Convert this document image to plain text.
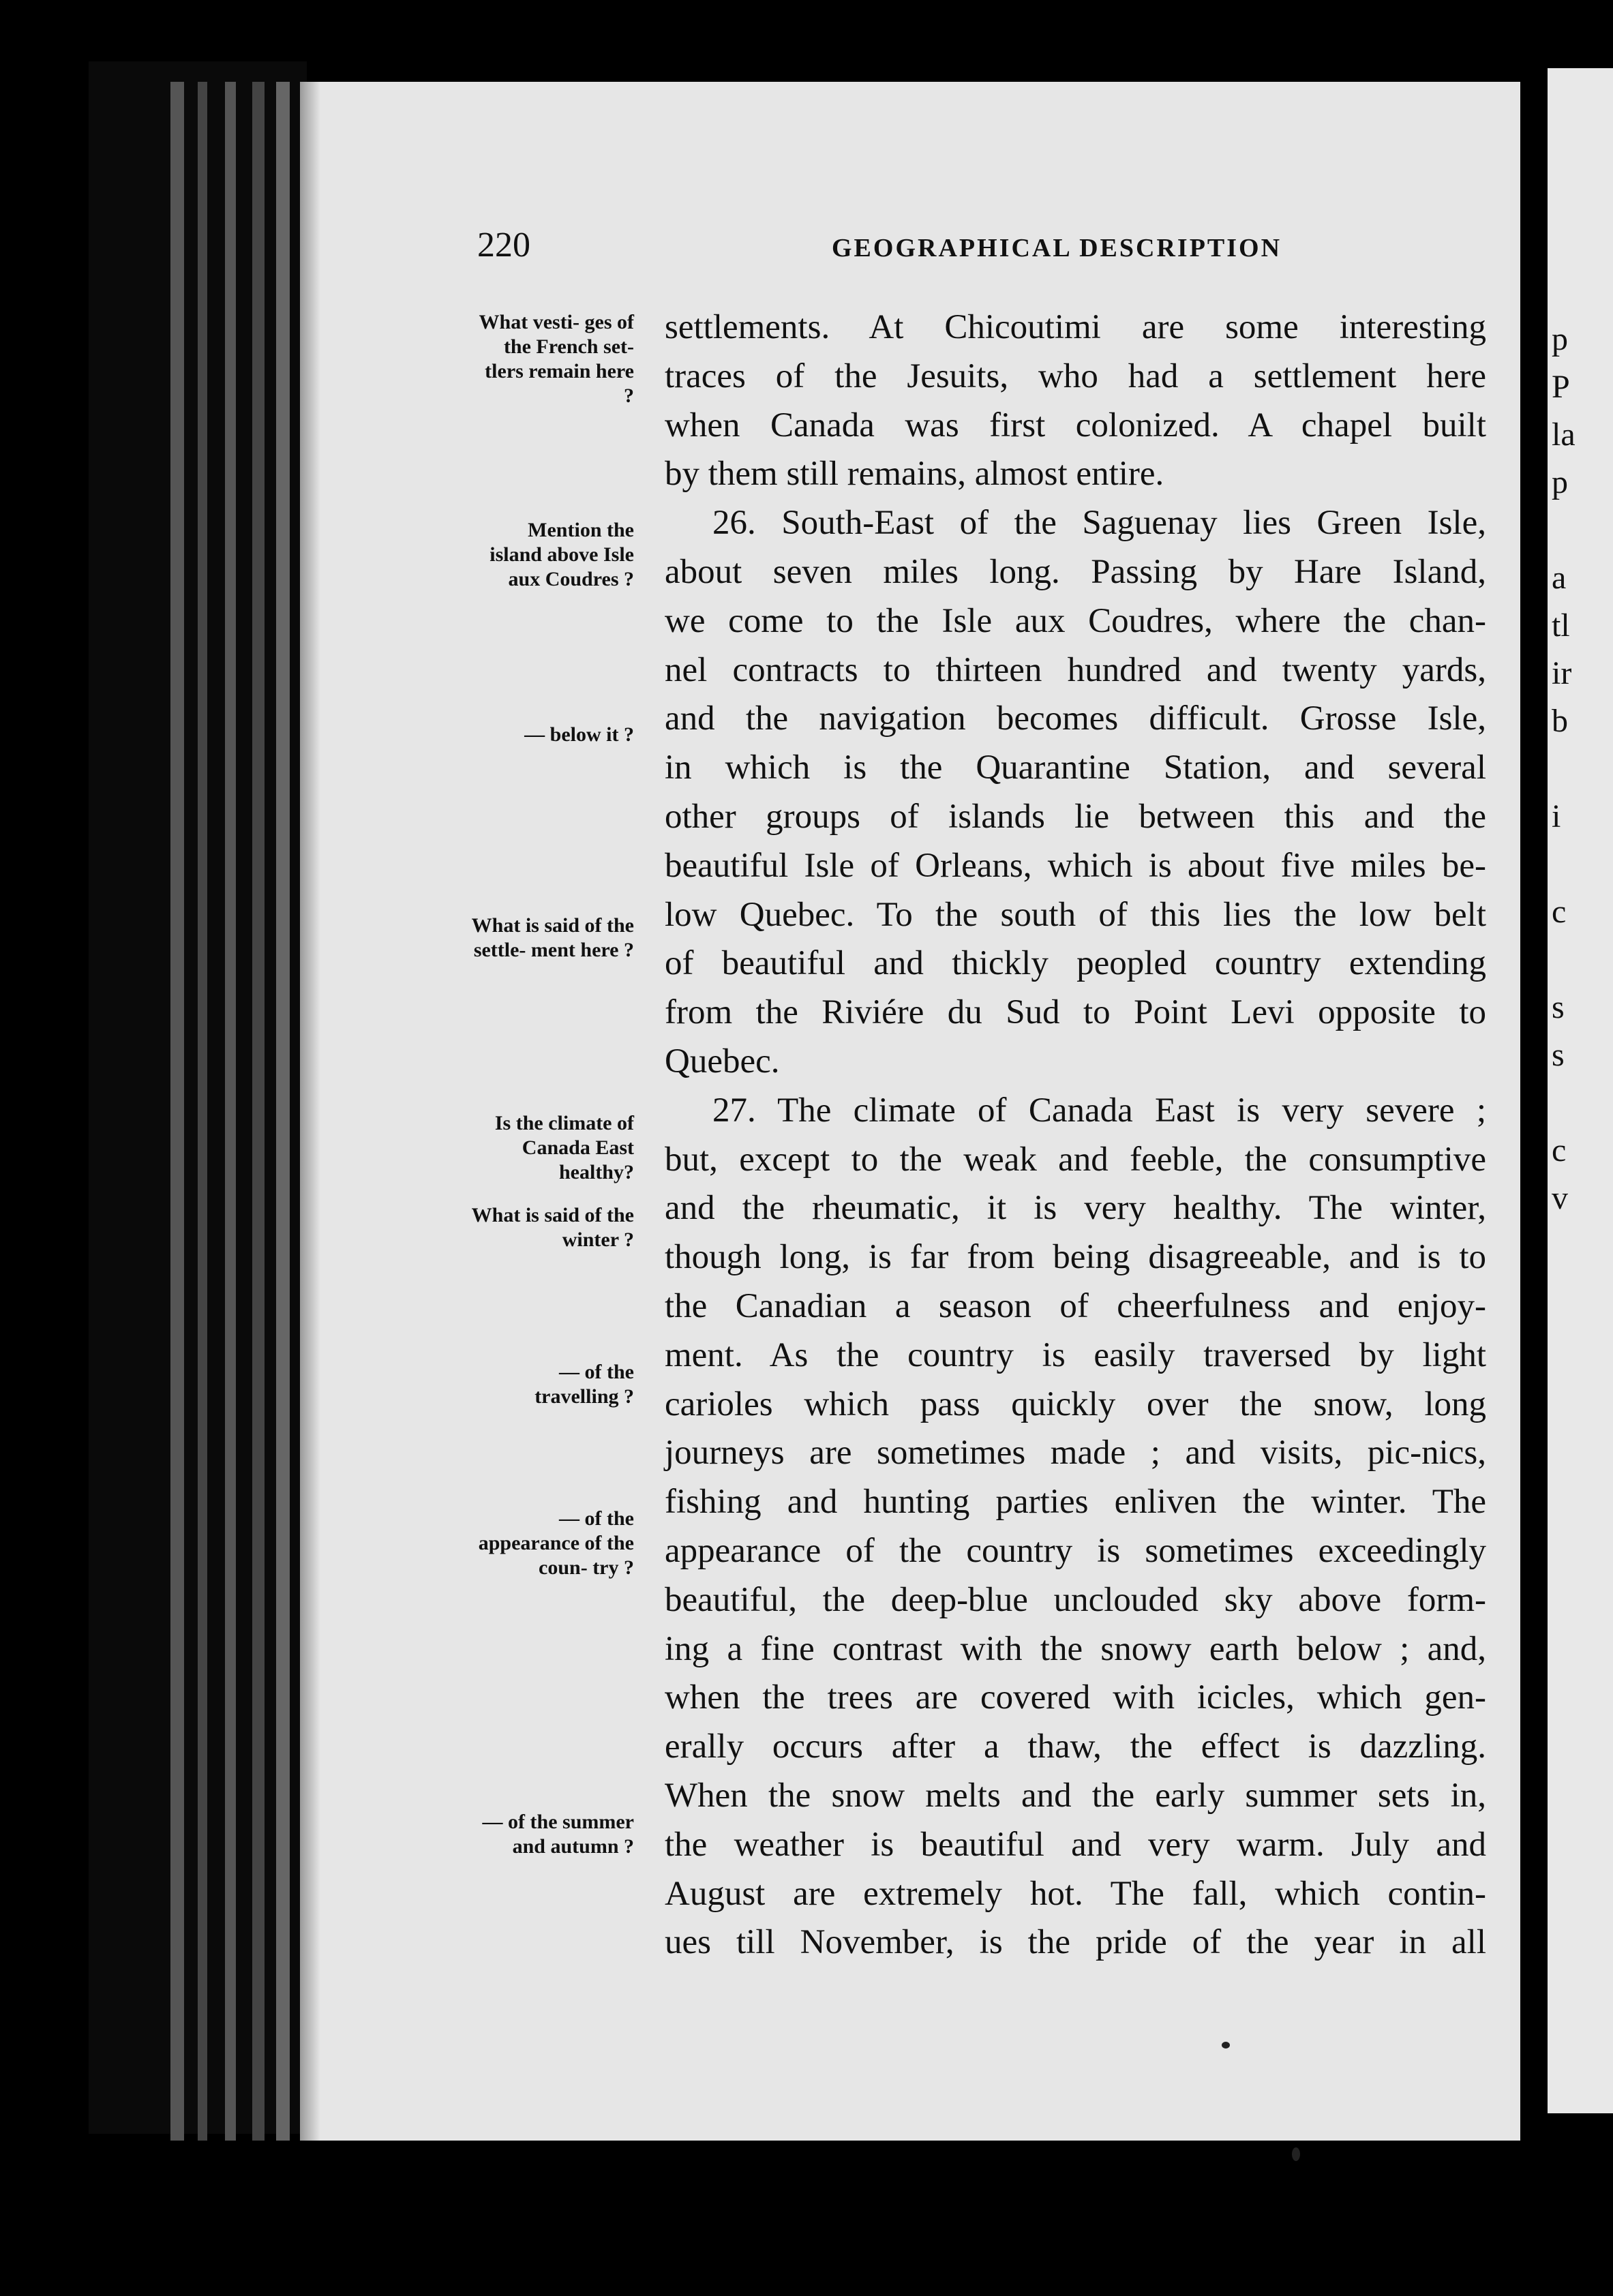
p
P
la
p
a
tl
ir
b
i
c
s
s
c
v
220	GEOGRAPHICAL DESCRIPTION
What vesti- ges of the French set- tlers remain here ?
Mention the island above Isle aux Coudres ?
— below it ?
What is said of the settle- ment here ?
Is the climate of Canada East healthy?
What is said of the winter ?
— of the travelling ?
— of the appearance of the coun- try ?
— of the summer and autumn ?
settlements. At Chicoutimi are some interesting
traces of the Jesuits, who had a settlement here
when Canada was first colonized. A chapel built
by them still remains, almost entire.
26. South-East of the Saguenay lies Green Isle,
about seven miles long. Passing by Hare Island,
we come to the Isle aux Coudres, where the chan-
nel contracts to thirteen hundred and twenty yards,
and the navigation becomes difficult. Grosse Isle,
in which is the Quarantine Station, and several
other groups of islands lie between this and the
beautiful Isle of Orleans, which is about five miles be-
low Quebec. To the south of this lies the low belt
of beautiful and thickly peopled country extending
from the Riviére du Sud to Point Levi opposite to
Quebec.
27. The climate of Canada East is very severe ;
but, except to the weak and feeble, the consumptive
and the rheumatic, it is very healthy. The winter,
though long, is far from being disagreeable, and is to
the Canadian a season of cheerfulness and enjoy-
ment. As the country is easily traversed by light
carioles which pass quickly over the snow, long
journeys are sometimes made ; and visits, pic-nics,
fishing and hunting parties enliven the winter. The
appearance of the country is sometimes exceedingly
beautiful, the deep-blue unclouded sky above form-
ing a fine contrast with the snowy earth below ; and,
when the trees are covered with icicles, which gen-
erally occurs after a thaw, the effect is dazzling.
When the snow melts and the early summer sets in,
the weather is beautiful and very warm. July and
August are extremely hot. The fall, which contin-
ues till November, is the pride of the year in all
